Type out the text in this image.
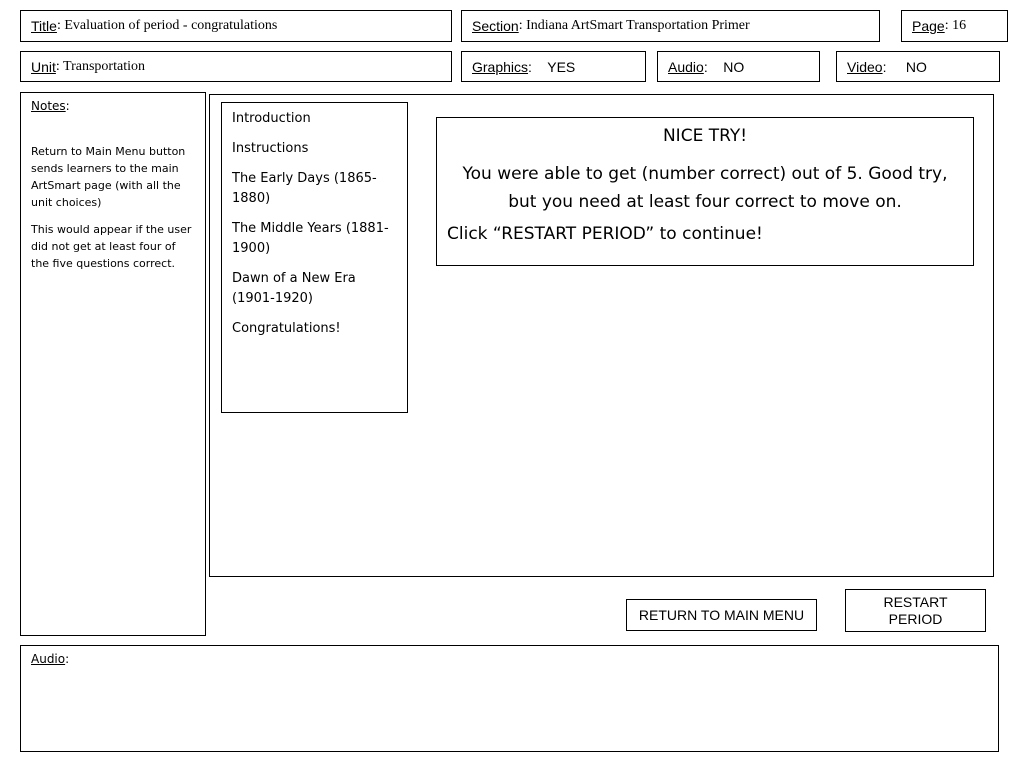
Title : Evaluation of period - congratulations	Section : Indiana ArtSmart Transportation Primer	Page : 16
Unit : Transportation	Graphics :    YES	Audio :    NO	Video :     NO
Notes:

Return to Main Menu button sends learners to the main ArtSmart page (with all the unit choices)

This would appear if the user did not get at least four of the five questions correct.

Introduction
Instructions
The Early Days (1865-1880)
The Middle Years (1881-1900)
Dawn of a New Era (1901-1920)
Congratulations!

NICE TRY!

You were able to get (number correct) out of 5. Good try, but you need at least four correct to move on.

Click “RESTART PERIOD” to continue!

RETURN TO MAIN MENU
RESTART PERIOD
Audio:
